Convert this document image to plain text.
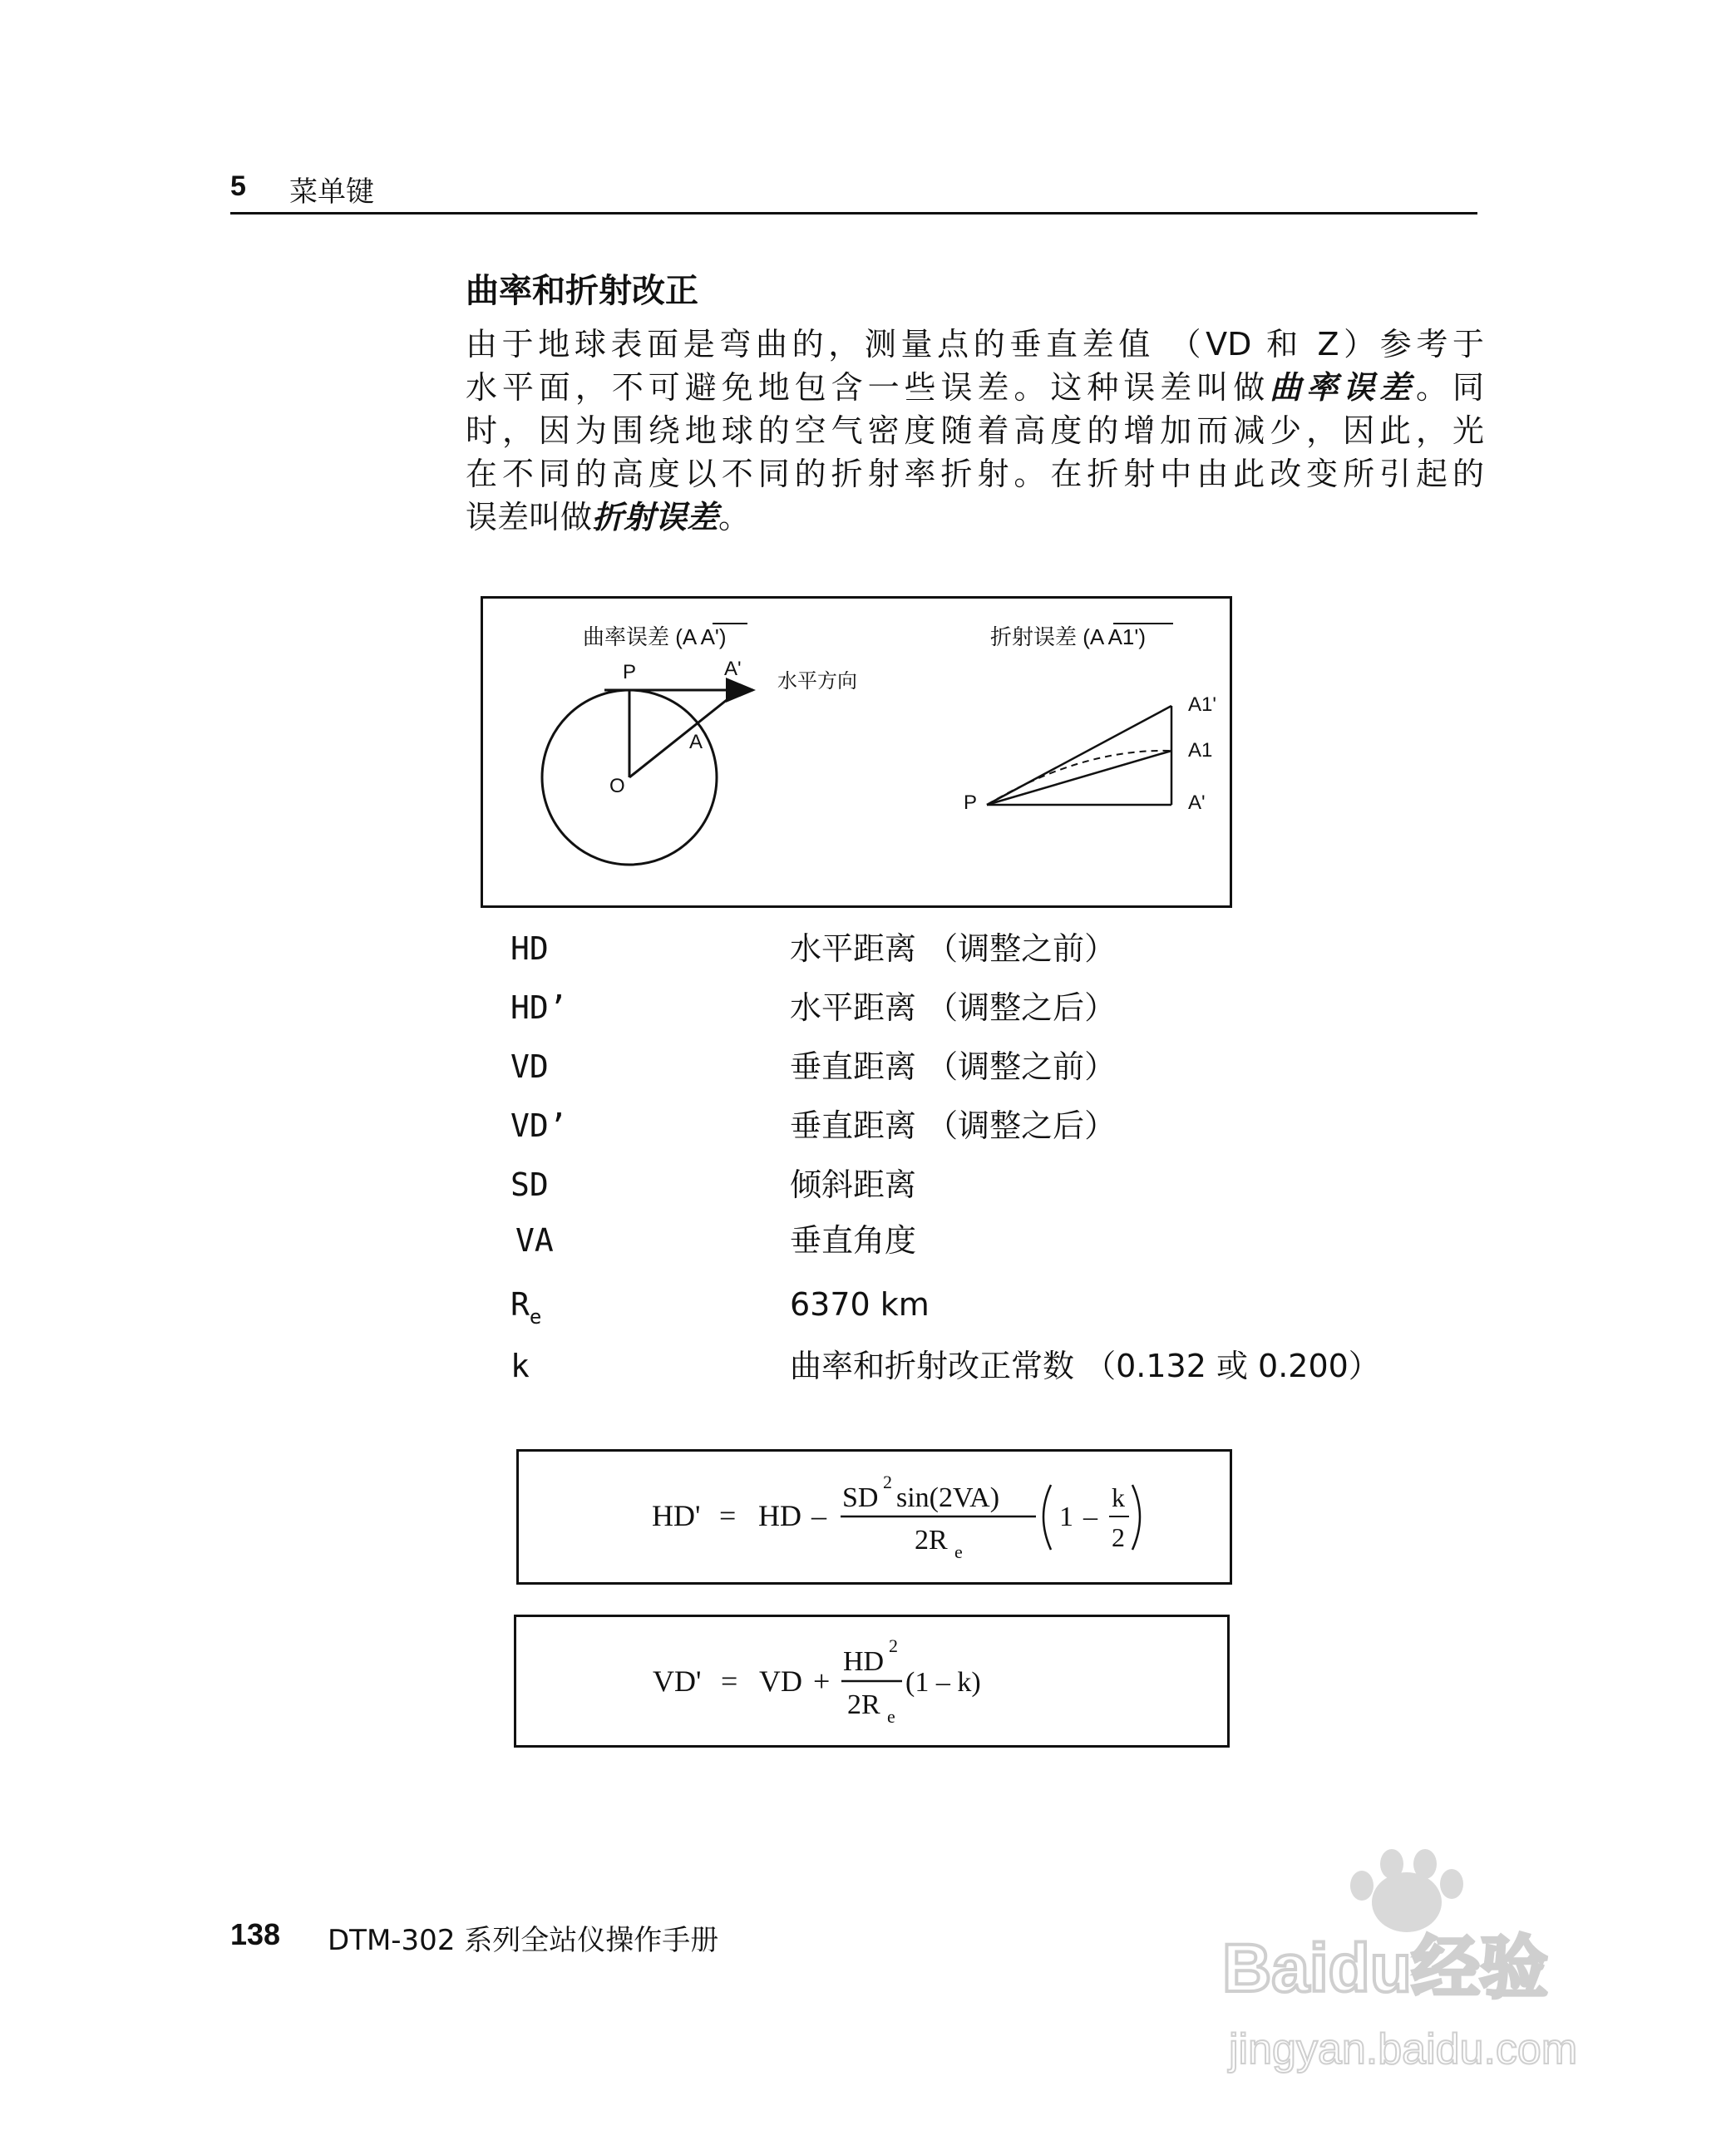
5 菜单键
曲率和折射改正
由于地球表面是弯曲的，测量点的垂直差值 （VD 和 Z）参考于
水平面，不可避免地包含一些误差。这种误差叫做曲率误差。同
时，因为围绕地球的空气密度随着高度的增加而减少，因此，光
在不同的高度以不同的折射率折射。在折射中由此改变所引起的
误差叫做折射误差。
曲率误差 (A A')
P	A'
A
O
水平方向
折射误差 (A A1')
A1'
A1
P	A'
HD	水平距离 （调整之前）
HD’	水平距离 （调整之后）
VD	垂直距离 （调整之前）
VD’	垂直距离 （调整之后）
SD	倾斜距离
VA	垂直角度
$R_e$	6370 km
k	曲率和折射改正常数 （0.132 或 0.200）
HD' = HD –
SD
2
sin(2VA)
2R e
1 –
k
2
VD' = VD +
HD
2
2R e
(1 – k)
138 DTM-302 系列全站仪操作手册	Baidu经验
jingyan.baidu.com
